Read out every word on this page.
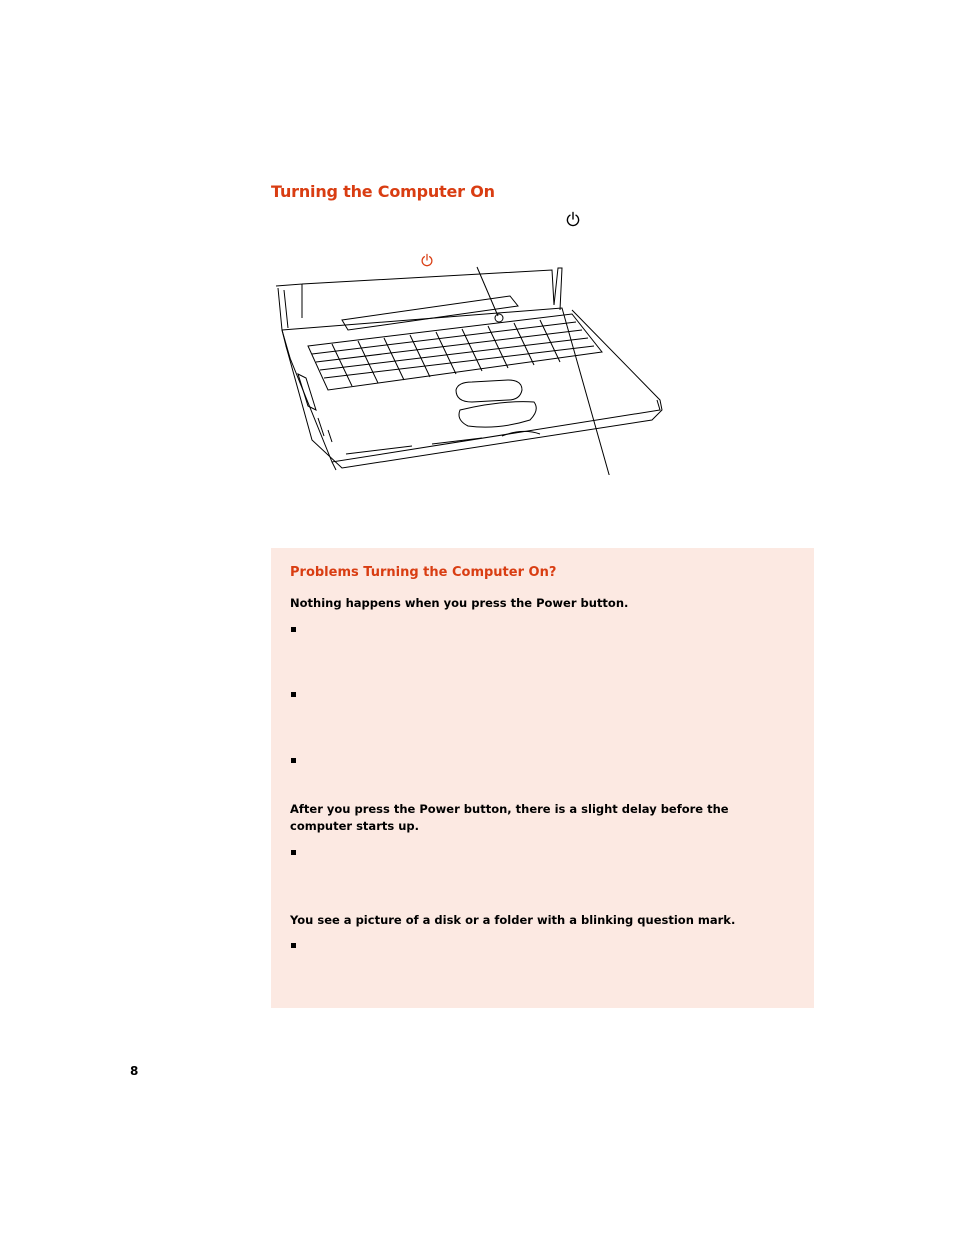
Turning the Computer On
Problems Turning the Computer On?

Nothing happens when you press the Power button.

After you press the Power button, there is a slight delay before the computer starts up.

You see a picture of a disk or a folder with a blinking question mark.

8
